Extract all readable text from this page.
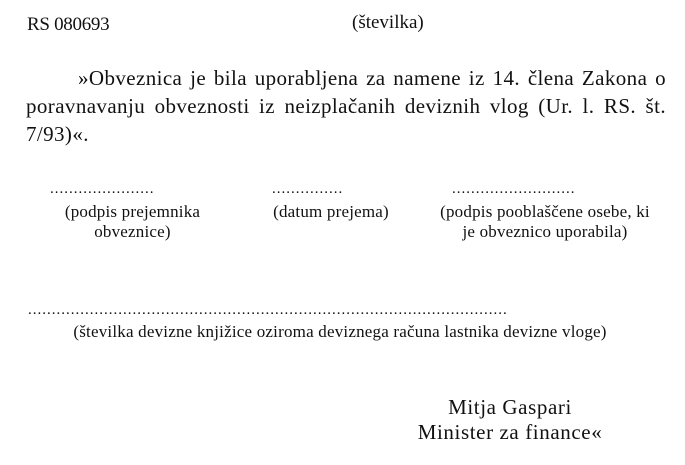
RS 080693	(številka)
»Obveznica je bila uporabljena za namene iz 14. člena Zakona o poravnavanju obveznosti iz neizplačanih deviznih vlog (Ur. l. RS. št. 7/93)«.
......................
(podpis prejemnika obveznice)
...............
(datum prejema)
..........................
(podpis pooblaščene osebe, ki je obveznico uporabila)
.....................................................................................................
(številka devizne knjižice oziroma deviznega računa lastnika devizne vloge)
Mitja Gaspari
Minister za finance«
